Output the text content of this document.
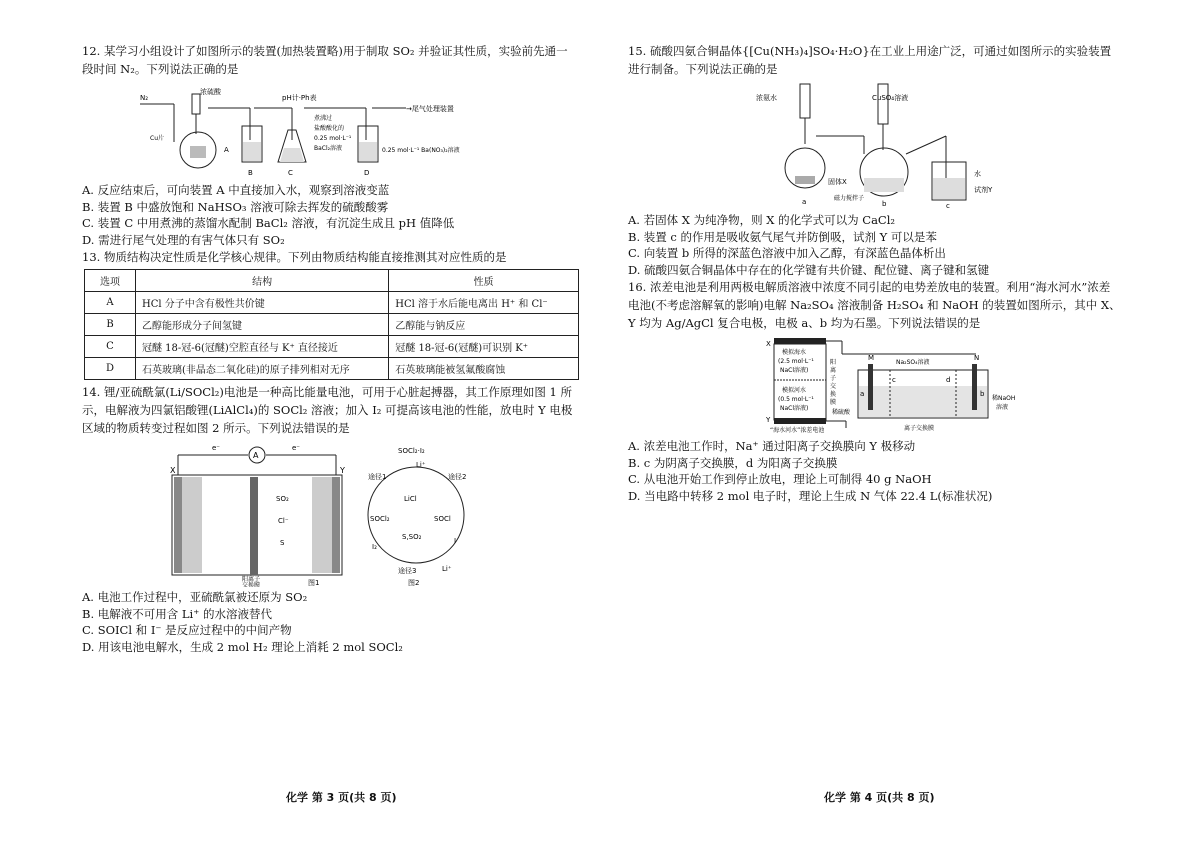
12. 某学习小组设计了如图所示的装置(加热装置略)用于制取 SO₂ 并验证其性质，实验前先通一

段时间 N₂。下列说法正确的是

N₂
浓硫酸
Cu片
A
B	C
pH计·Ph表
煮沸过
盐酸酸化的
0.25 mol·L⁻¹
BaCl₂溶液
D
0.25 mol·L⁻¹ Ba(NO₃)₂溶液
→尾气处理装置

A. 反应结束后，可向装置 A 中直接加入水，观察到溶液变蓝

B. 装置 B 中盛放饱和 NaHSO₃ 溶液可除去挥发的硫酸酸雾

C. 装置 C 中用煮沸的蒸馏水配制 BaCl₂ 溶液，有沉淀生成且 pH 值降低

D. 需进行尾气处理的有害气体只有 SO₂

13. 物质结构决定性质是化学核心规律。下列由物质结构能直接推测其对应性质的是

选项	结构	性质
A	HCl 分子中含有极性共价键	HCl 溶于水后能电离出 H⁺ 和 Cl⁻
B	乙醇能形成分子间氢键	乙醇能与钠反应
C	冠醚 18-冠-6(冠醚)空腔直径与 K⁺ 直径接近	冠醚 18-冠-6(冠醚)可识别 K⁺
D	石英玻璃(非晶态二氧化硅)的原子排列相对无序	石英玻璃能被氢氟酸腐蚀

14. 锂/亚硫酰氯(Li/SOCl₂)电池是一种高比能量电池，可用于心脏起搏器，其工作原理如图 1 所

示，电解液为四氯铝酸锂(LiAlCl₄)的 SOCl₂ 溶液；加入 I₂ 可提高该电池的性能，放电时 Y 电极

区域的物质转变过程如图 2 所示。下列说法错误的是

A
e⁻	e⁻
X	Y
SO₂
Cl⁻
S
阳离子
交换膜	图1
SOCl₂·I₂
Li⁺
SOCl₂
LiCl
SOCl
S,SO₂	I
I₂
Li⁺
途径1	途径2
途径3
图2

A. 电池工作过程中，亚硫酰氯被还原为 SO₂

B. 电解液不可用含 Li⁺ 的水溶液替代

C. SOICl 和 I⁻ 是反应过程中的中间产物

D. 用该电池电解水，生成 2 mol H₂ 理论上消耗 2 mol SOCl₂

15. 硫酸四氨合铜晶体{[Cu(NH₃)₄]SO₄·H₂O}在工业上用途广泛，可通过如图所示的实验装置

进行制备。下列说法正确的是

浓氨水
固体X
a
CuSO₄溶液
磁力搅拌子
b
水
试剂Y
c

A. 若固体 X 为纯净物，则 X 的化学式可以为 CaCl₂

B. 装置 c 的作用是吸收氨气尾气并防倒吸，试剂 Y 可以是苯

C. 向装置 b 所得的深蓝色溶液中加入乙醇，有深蓝色晶体析出

D. 硫酸四氨合铜晶体中存在的化学键有共价键、配位键、离子键和氢键

16. 浓差电池是利用两极电解质溶液中浓度不同引起的电势差放电的装置。利用“海水河水”浓差

电池(不考虑溶解氧的影响)电解 Na₂SO₄ 溶液制备 H₂SO₄ 和 NaOH 的装置如图所示，其中 X、

Y 均为 Ag/AgCl 复合电极，电极 a、b 均为石墨。下列说法错误的是

X
Y
模拟海水
(2.5 mol·L⁻¹
NaCl溶液)
模拟河水
(0.5 mol·L⁻¹
NaCl溶液)
阳
离
子
交
换
膜
“海水河水”浓差电池
M	N
Na₂SO₄溶液
a
c	d
b
稀硫酸
稀NaOH
溶液
离子交换膜

A. 浓差电池工作时，Na⁺ 通过阳离子交换膜向 Y 极移动

B. c 为阴离子交换膜，d 为阳离子交换膜

C. 从电池开始工作到停止放电，理论上可制得 40 g NaOH

D. 当电路中转移 2 mol 电子时，理论上生成 N 气体 22.4 L(标准状况)

化学 第 3 页(共 8 页)	化学 第 4 页(共 8 页)
